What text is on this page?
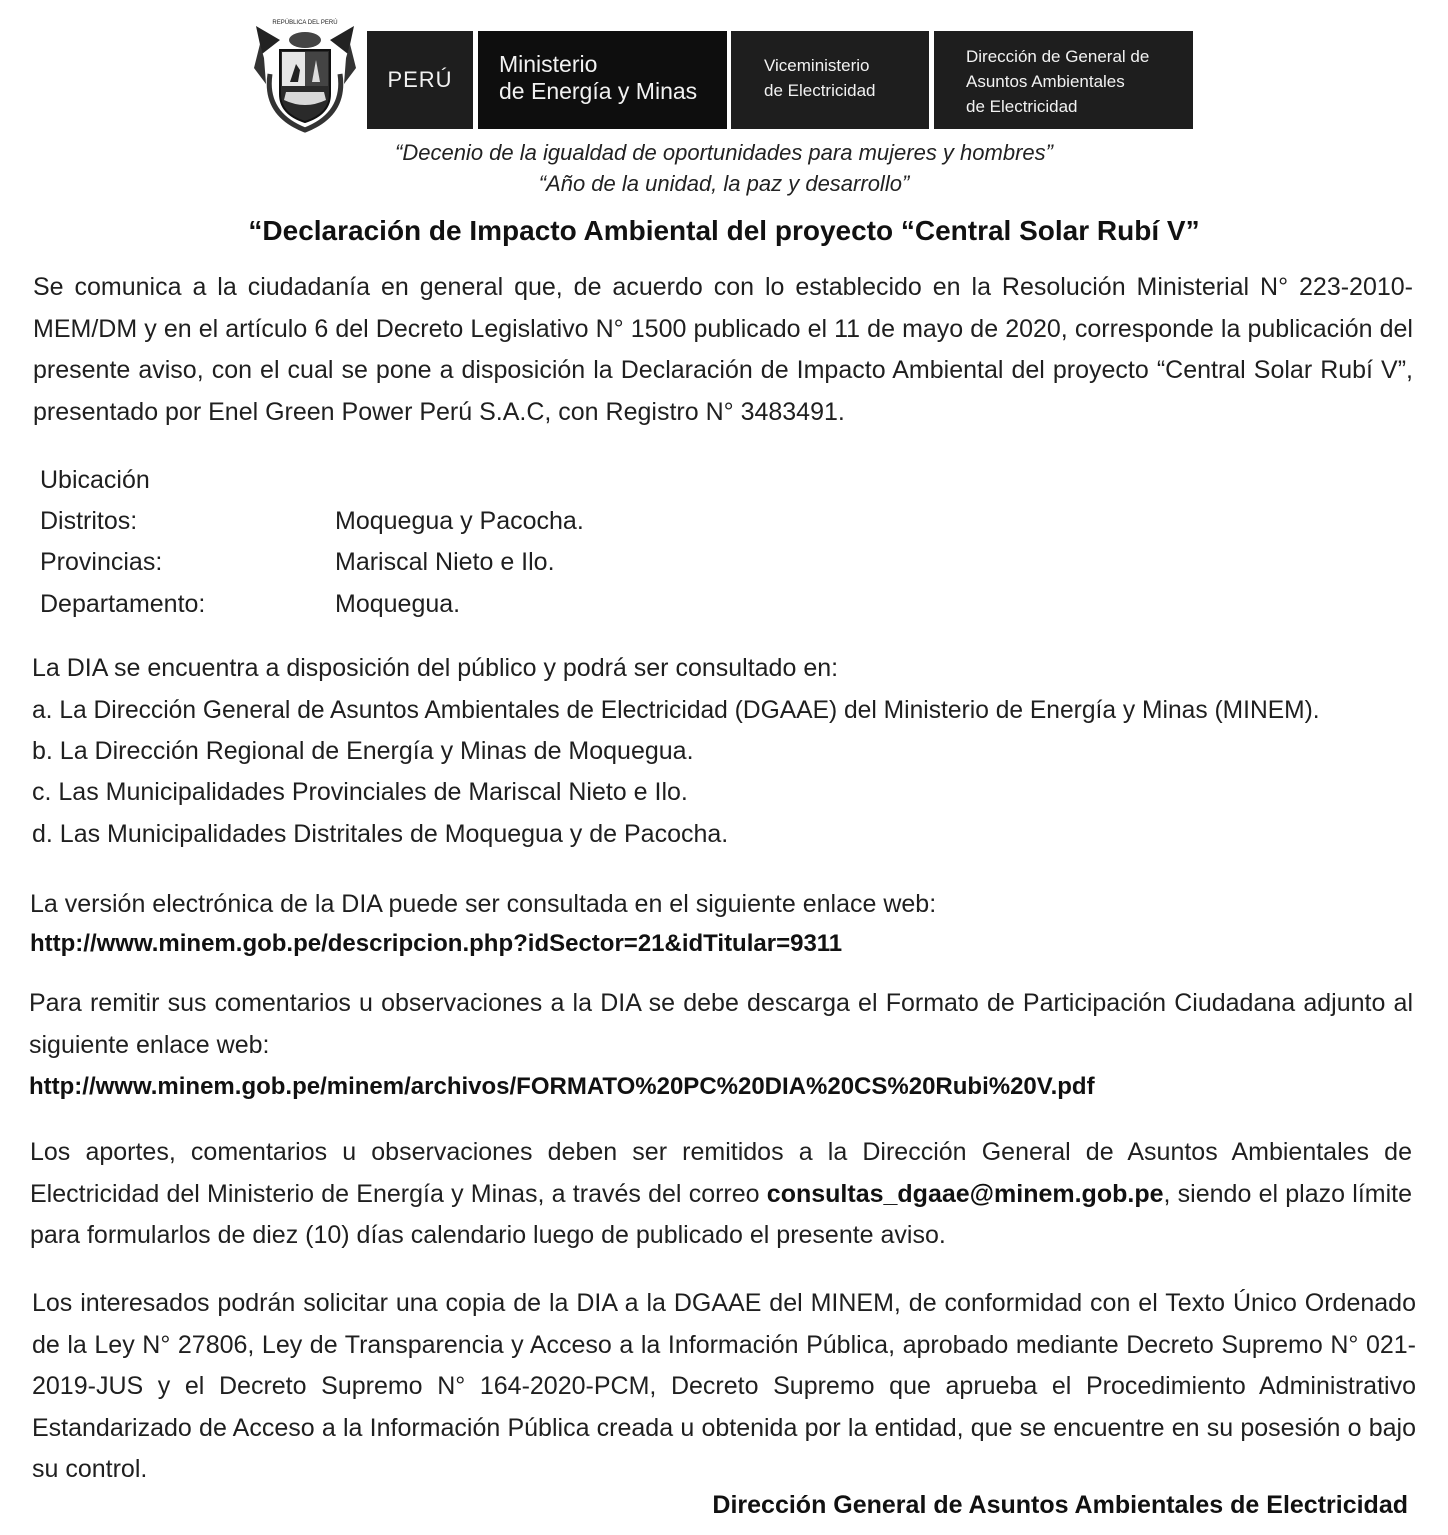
REPÚBLICA DEL PERÚ
PERÚ
Ministerio
de Energía y Minas
Viceministerio
de Electricidad
Dirección de General de
Asuntos Ambientales
de Electricidad
“Decenio de la igualdad de oportunidades para mujeres y hombres”
“Año de la unidad, la paz y desarrollo”
“Declaración de Impacto Ambiental del proyecto “Central Solar Rubí V”
Se comunica a la ciudadanía en general que, de acuerdo con lo establecido en la Resolución Ministerial N° 223-2010-MEM/DM y en el artículo 6 del Decreto Legislativo N° 1500 publicado el 11 de mayo de 2020, corresponde la publicación del presente aviso, con el cual se pone a disposición la Declaración de Impacto Ambiental del proyecto “Central Solar Rubí V”, presentado por Enel Green Power Perú S.A.C, con Registro N° 3483491.
Ubicación
Distritos:	Moquegua y Pacocha.
Provincias:	Mariscal Nieto e Ilo.
Departamento:	Moquegua.
La DIA se encuentra a disposición del público y podrá ser consultado en:
a. La Dirección General de Asuntos Ambientales de Electricidad (DGAAE) del Ministerio de Energía y Minas (MINEM).
b. La Dirección Regional de Energía y Minas de Moquegua.
c. Las Municipalidades Provinciales de Mariscal Nieto e Ilo.
d. Las Municipalidades Distritales de Moquegua y de Pacocha.
La versión electrónica de la DIA puede ser consultada en el siguiente enlace web:
http://www.minem.gob.pe/descripcion.php?idSector=21&idTitular=9311
Para remitir sus comentarios u observaciones a la DIA se debe descarga el Formato de Participación Ciudadana adjunto al siguiente enlace web:
http://www.minem.gob.pe/minem/archivos/FORMATO%20PC%20DIA%20CS%20Rubi%20V.pdf
Los aportes, comentarios u observaciones deben ser remitidos a la Dirección General de Asuntos Ambientales de Electricidad del Ministerio de Energía y Minas, a través del correo consultas_dgaae@minem.gob.pe, siendo el plazo límite para formularlos de diez (10) días calendario luego de publicado el presente aviso.
Los interesados podrán solicitar una copia de la DIA a la DGAAE del MINEM, de conformidad con el Texto Único Ordenado de la Ley N° 27806, Ley de Transparencia y Acceso a la Información Pública, aprobado mediante Decreto Supremo N° 021-2019-JUS y el Decreto Supremo N° 164-2020-PCM, Decreto Supremo que aprueba el Procedimiento Administrativo Estandarizado de Acceso a la Información Pública creada u obtenida por la entidad, que se encuentre en su posesión o bajo su control.
Dirección General de Asuntos Ambientales de Electricidad
